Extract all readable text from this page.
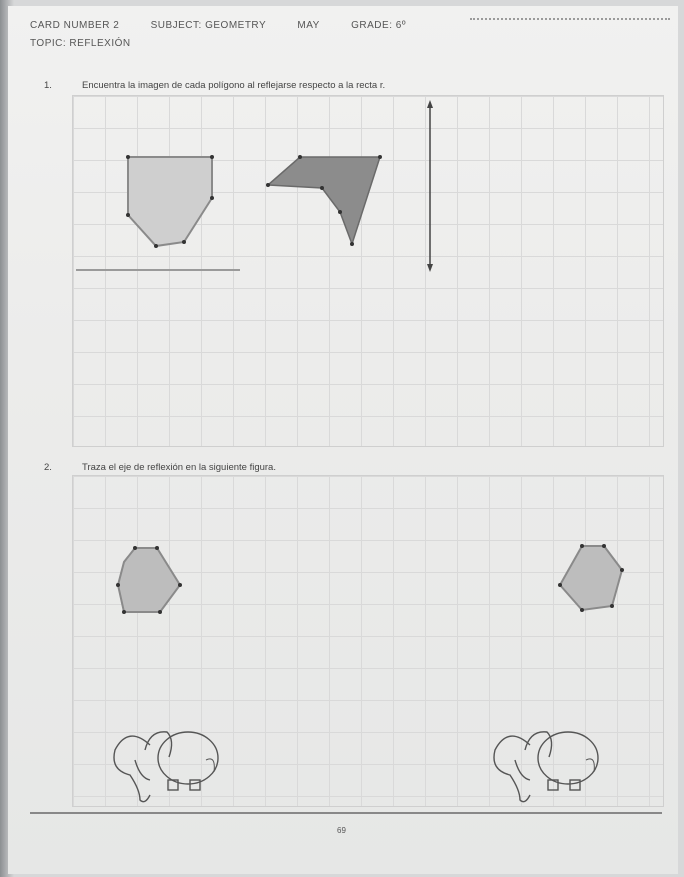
CARD NUMBER 2	SUBJECT: GEOMETRY	MAY	GRADE: 6º
TOPIC: REFLEXIÓN
1.	Encuentra la imagen de cada polígono al reflejarse respecto a la recta r.
2.	Traza el eje de reflexión en la siguiente figura.
69
